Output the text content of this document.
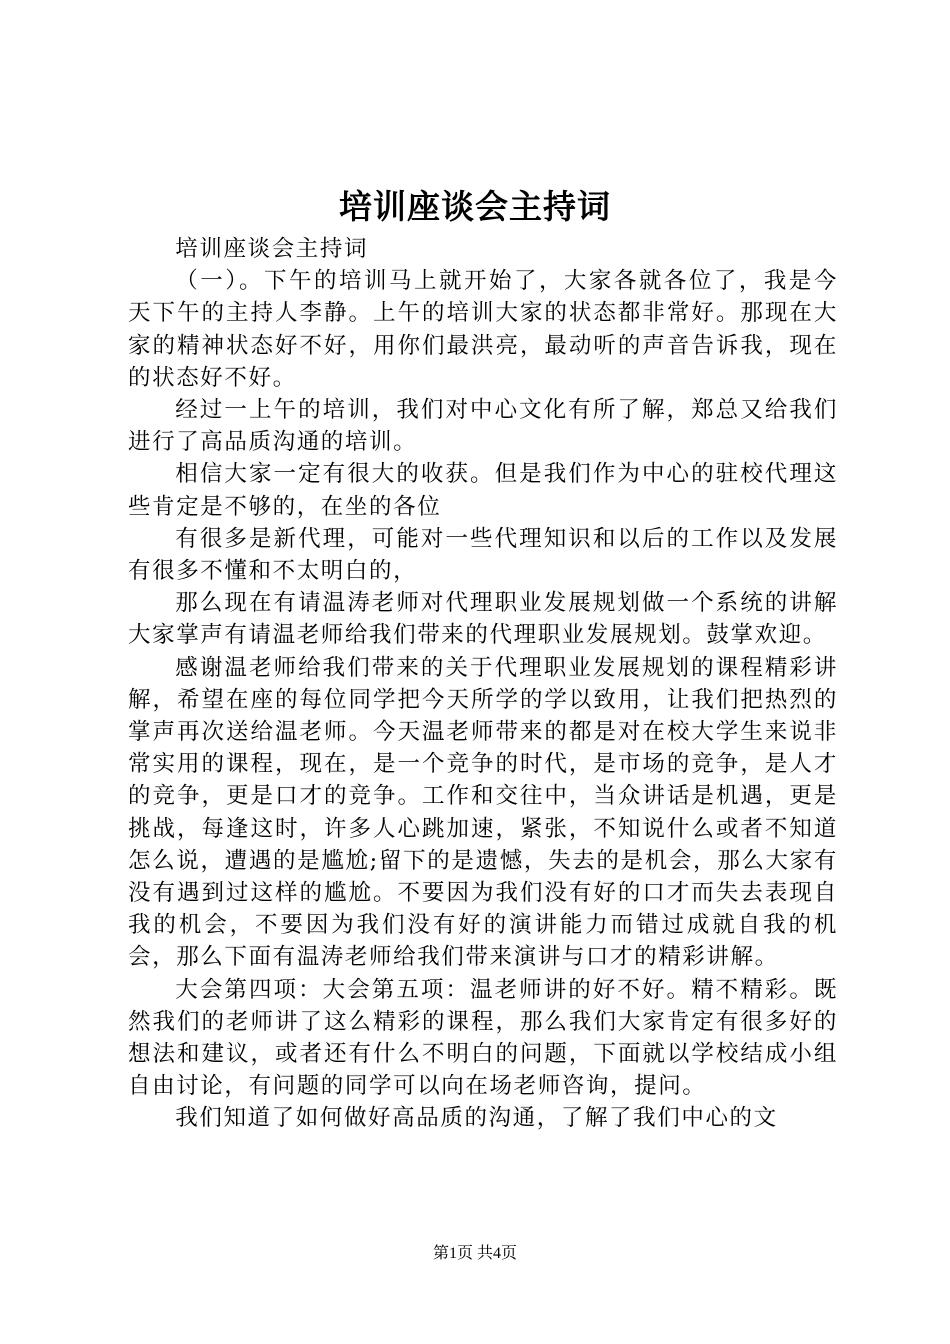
培训座谈会主持词

培训座谈会主持词

（一）。下午的培训马上就开始了，大家各就各位了，我是今天下午的主持人李静。上午的培训大家的状态都非常好。那现在大家的精神状态好不好，用你们最洪亮，最动听的声音告诉我，现在的状态好不好。

经过一上午的培训，我们对中心文化有所了解，郑总又给我们进行了高品质沟通的培训。

相信大家一定有很大的收获。但是我们作为中心的驻校代理这些肯定是不够的，在坐的各位

有很多是新代理，可能对一些代理知识和以后的工作以及发展有很多不懂和不太明白的，

那么现在有请温涛老师对代理职业发展规划做一个系统的讲解大家掌声有请温老师给我们带来的代理职业发展规划。鼓掌欢迎。

感谢温老师给我们带来的关于代理职业发展规划的课程精彩讲解，希望在座的每位同学把今天所学的学以致用，让我们把热烈的掌声再次送给温老师。今天温老师带来的都是对在校大学生来说非常实用的课程，现在，是一个竞争的时代，是市场的竞争，是人才的竞争，更是口才的竞争。工作和交往中，当众讲话是机遇，更是挑战，每逢这时，许多人心跳加速，紧张，不知说什么或者不知道怎么说，遭遇的是尴尬;留下的是遗憾，失去的是机会，那么大家有没有遇到过这样的尴尬。不要因为我们没有好的口才而失去表现自我的机会，不要因为我们没有好的演讲能力而错过成就自我的机会，那么下面有温涛老师给我们带来演讲与口才的精彩讲解。

大会第四项：大会第五项：温老师讲的好不好。精不精彩。既然我们的老师讲了这么精彩的课程，那么我们大家肯定有很多好的想法和建议，或者还有什么不明白的问题，下面就以学校结成小组自由讨论，有问题的同学可以向在场老师咨询，提问。

我们知道了如何做好高品质的沟通，了解了我们中心的文

第1页 共4页
